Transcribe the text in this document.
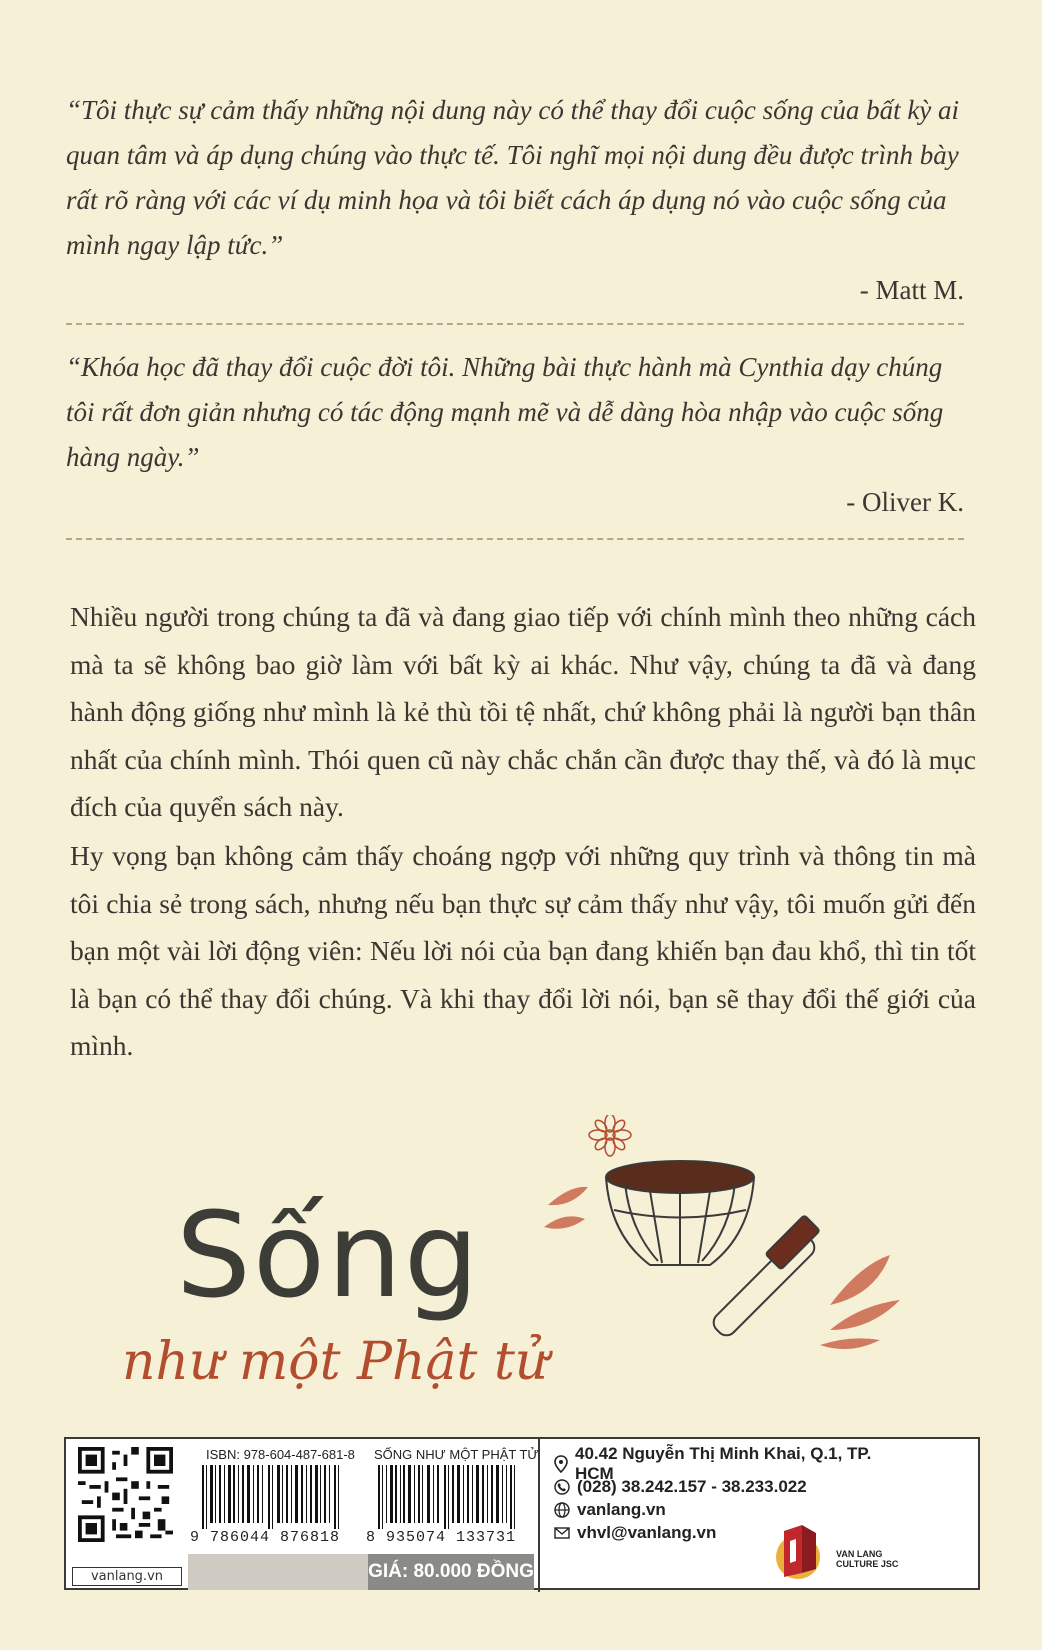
“Tôi thực sự cảm thấy những nội dung này có thể thay đổi cuộc sống của bất kỳ ai quan tâm và áp dụng chúng vào thực tế. Tôi nghĩ mọi nội dung đều được trình bày rất rõ ràng với các ví dụ minh họa và tôi biết cách áp dụng nó vào cuộc sống của mình ngay lập tức.”

- Matt M.

“Khóa học đã thay đổi cuộc đời tôi. Những bài thực hành mà Cynthia dạy chúng tôi rất đơn giản nhưng có tác động mạnh mẽ và dễ dàng hòa nhập vào cuộc sống hàng ngày.”

- Oliver K.

Nhiều người trong chúng ta đã và đang giao tiếp với chính mình theo những cách mà ta sẽ không bao giờ làm với bất kỳ ai khác. Như vậy, chúng ta đã và đang hành động giống như mình là kẻ thù tồi tệ nhất, chứ không phải là người bạn thân nhất của chính mình. Thói quen cũ này chắc chắn cần được thay thế, và đó là mục đích của quyển sách này.

Hy vọng bạn không cảm thấy choáng ngợp với những quy trình và thông tin mà tôi chia sẻ trong sách, nhưng nếu bạn thực sự cảm thấy như vậy, tôi muốn gửi đến bạn một vài lời động viên: Nếu lời nói của bạn đang khiến bạn đau khổ, thì tin tốt là bạn có thể thay đổi chúng. Và khi thay đổi lời nói, bạn sẽ thay đổi thế giới của mình.

Sống
như một Phật tử
vanlang.vn
ISBN: 978-604-487-681-8
9 786044 876818
SỐNG NHƯ MỘT PHẬT TỬ
8 935074 133731
GIÁ: 80.000 ĐỒNG
40.42 Nguyễn Thị Minh Khai, Q.1, TP. HCM
(028) 38.242.157 - 38.233.022
vanlang.vn
vhvl@vanlang.vn
VAN LANG CULTURE JSC
